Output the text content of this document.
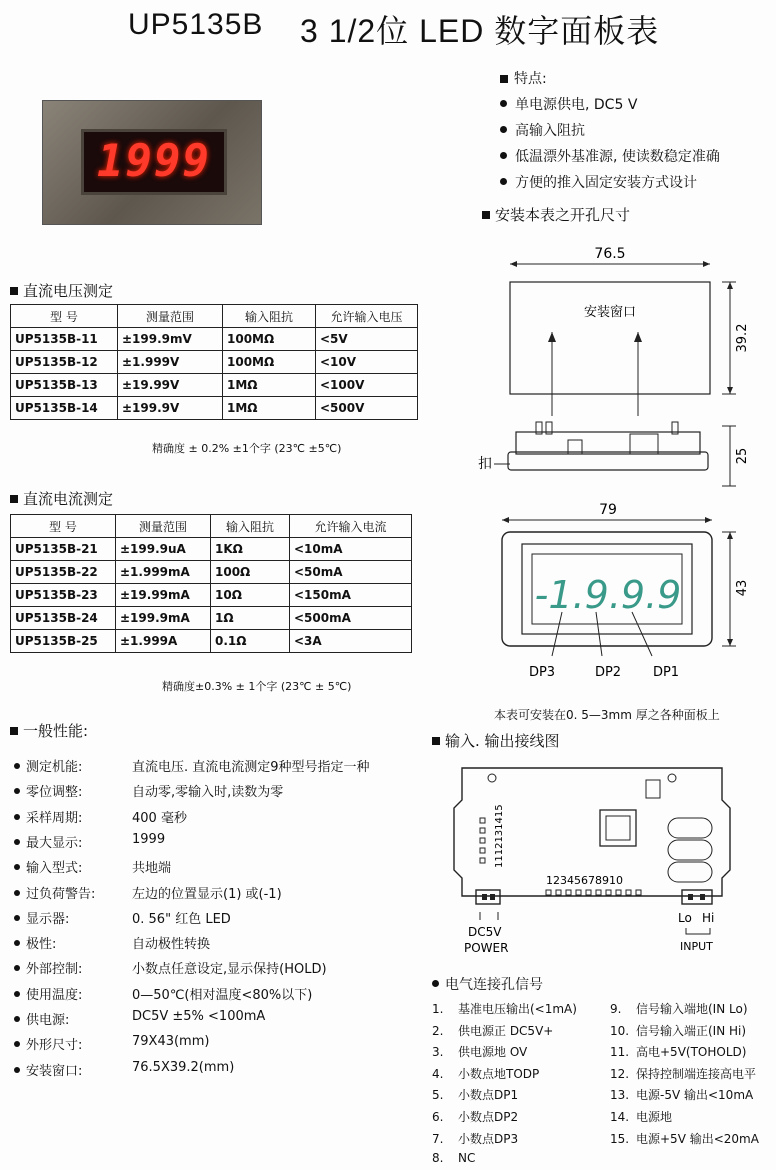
UP5135B 3 1/2位 LED 数字面板表
1999
特点:
单电源供电, DC5 V
高输入阻抗
低温漂外基准源, 使读数稳定准确
方便的推入固定安装方式设计
安装本表之开孔尺寸
直流电压测定
型 号	测量范围	输入阻抗	允许输入电压
UP5135B-11	±199.9mV	100MΩ	<5V
UP5135B-12	±1.999V	100MΩ	<10V
UP5135B-13	±19.99V	1MΩ	<100V
UP5135B-14	±199.9V	1MΩ	<500V
精确度 ± 0.2% ±1个字 (23℃ ±5℃)
直流电流测定
型 号	测量范围	输入阻抗	允许输入电流
UP5135B-21	±199.9uA	1KΩ	<10mA
UP5135B-22	±1.999mA	100Ω	<50mA
UP5135B-23	±19.99mA	10Ω	<150mA
UP5135B-24	±199.9mA	1Ω	<500mA
UP5135B-25	±1.999A	0.1Ω	<3A
精确度±0.3% ± 1个字 (23℃ ± 5℃)
76.5
安装窗口
39.2
扣	25
79
-1.9.9.9	43
DP3	DP2 DP1
本表可安装在0. 5—3mm 厚之各种面板上
一般性能:
测定机能:	直流电压. 直流电流测定9种型号指定一种
零位调整:	自动零,零输入时,读数为零
采样周期:	400 毫秒
最大显示:	1999
输入型式:	共地端
过负荷警告:	左边的位置显示(1) 或(-1)
显示器:	0. 56" 红色 LED
极性:	自动极性转换
外部控制:	小数点任意设定,显示保持(HOLD)
使用温度:	0—50℃(相对温度<80%以下)
供电源:	DC5V ±5% <100mA
外形尺寸:	79X43(mm)
安装窗口:	76.5X39.2(mm)
输入. 输出接线图
1112131415
12345678910
DC5V
POWER
Lo Hi
INPUT
电气连接孔信号
1. 基准电压输出(<1mA)
2. 供电源正 DC5V+
3. 供电源地 OV
4. 小数点地TODP
5. 小数点DP1
6. 小数点DP2
7. 小数点DP3
8. NC
9. 信号输入端地(IN Lo)
10. 信号输入端正(IN Hi)
11. 高电+5V(TOHOLD)
12. 保持控制端连接高电平
13. 电源-5V 输出<10mA
14. 电源地
15. 电源+5V 输出<20mA
